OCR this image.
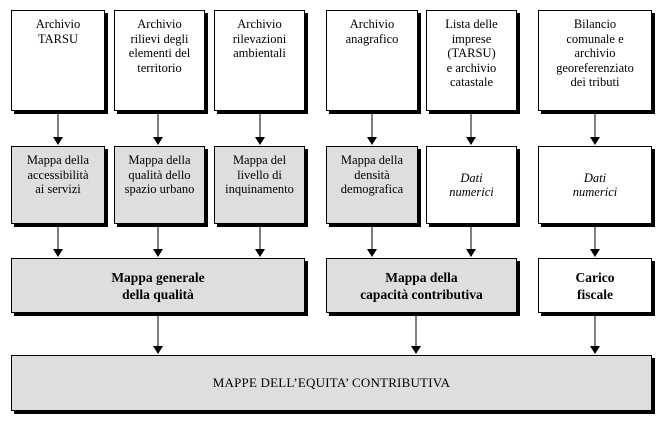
Archivio
TARSU
Archivio
rilievi degli
elementi del
territorio
Archivio
rilevazioni
ambientali
Archivio
anagrafico
Lista delle
imprese
(TARSU)
e archivio
catastale
Bilancio
comunale e
archivio
georeferenziato
dei tributi
Mappa della
accessibilità
ai servizi
Mappa della
qualità dello
spazio urbano
Mappa del
livello di
inquinamento
Mappa della
densità
demografica
Dati
numerici
Dati
numerici
Mappa generale
della qualità
Mappa della
capacità contributiva
Carico
fiscale
MAPPE DELL’EQUITA’ CONTRIBUTIVA
